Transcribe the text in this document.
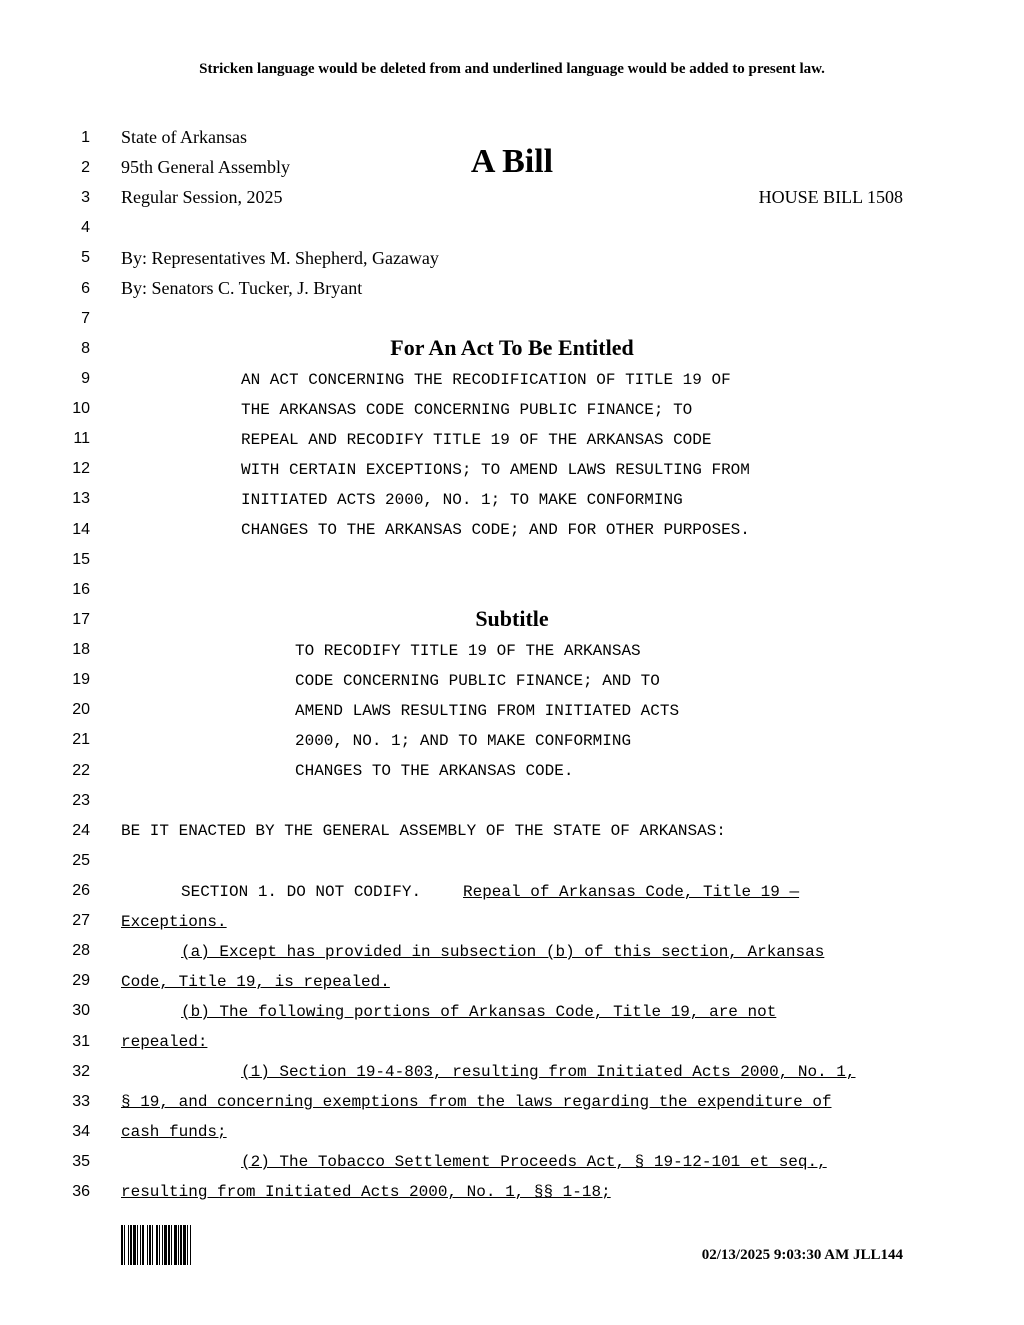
Stricken language would be deleted from and underlined language would be added to present law.
1
2
3
4
5
6
7
8
9
10
11
12
13
14
15
16
17
18
19
20
21
22
23
24
25
26
27
28
29
30
31
32
33
34
35
36
State of Arkansas
95th General Assembly
Regular Session, 2025
A Bill
HOUSE BILL 1508
By: Representatives M. Shepherd, Gazaway
By: Senators C. Tucker, J. Bryant
For An Act To Be Entitled
AN ACT CONCERNING THE RECODIFICATION OF TITLE 19 OF
THE ARKANSAS CODE CONCERNING PUBLIC FINANCE; TO
REPEAL AND RECODIFY TITLE 19 OF THE ARKANSAS CODE
WITH CERTAIN EXCEPTIONS; TO AMEND LAWS RESULTING FROM
INITIATED ACTS 2000, NO. 1; TO MAKE CONFORMING
CHANGES TO THE ARKANSAS CODE; AND FOR OTHER PURPOSES.
Subtitle
TO RECODIFY TITLE 19 OF THE ARKANSAS
CODE CONCERNING PUBLIC FINANCE; AND TO
AMEND LAWS RESULTING FROM INITIATED ACTS
2000, NO. 1; AND TO MAKE CONFORMING
CHANGES TO THE ARKANSAS CODE.
BE IT ENACTED BY THE GENERAL ASSEMBLY OF THE STATE OF ARKANSAS:
SECTION 1. DO NOT CODIFY.	Repeal of Arkansas Code, Title 19 —
Exceptions.
(a) Except has provided in subsection (b) of this section, Arkansas
Code, Title 19, is repealed.
(b) The following portions of Arkansas Code, Title 19, are not
repealed:
(1) Section 19-4-803, resulting from Initiated Acts 2000, No. 1,
§ 19, and concerning exemptions from the laws regarding the expenditure of
cash funds;
(2) The Tobacco Settlement Proceeds Act, § 19-12-101 et seq.,
resulting from Initiated Acts 2000, No. 1, §§ 1-18;
02/13/2025 9:03:30 AM JLL144
